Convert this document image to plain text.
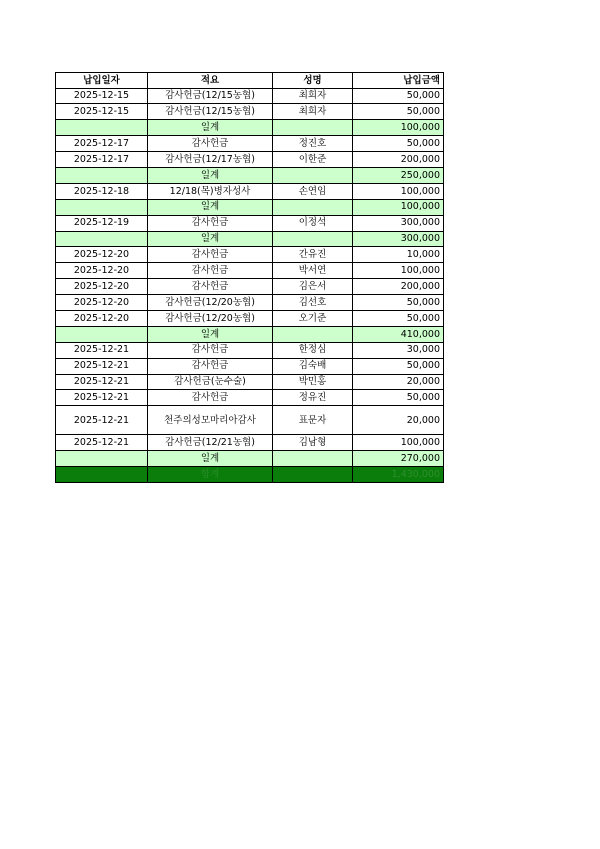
납입일자	적요	성명	납입금액
2025-12-15	감사헌금(12/15농협)	최희자	50,000
2025-12-15	감사헌금(12/15농협)	최희자	50,000
	일계		100,000
2025-12-17	감사헌금	정진호	50,000
2025-12-17	감사헌금(12/17농협)	이한준	200,000
	일계		250,000
2025-12-18	12/18(목)병자성사	손연임	100,000
	일계		100,000
2025-12-19	감사헌금	이정석	300,000
	일계		300,000
2025-12-20	감사헌금	간유진	10,000
2025-12-20	감사헌금	박서연	100,000
2025-12-20	감사헌금	김은서	200,000
2025-12-20	감사헌금(12/20농협)	김선호	50,000
2025-12-20	감사헌금(12/20농협)	오기준	50,000
	일계		410,000
2025-12-21	감사헌금	한정심	30,000
2025-12-21	감사헌금	김숙배	50,000
2025-12-21	감사헌금(눈수술)	박민홍	20,000
2025-12-21	감사헌금	정유진	50,000
2025-12-21	천주의성모마리아감사	표문자	20,000
2025-12-21	감사헌금(12/21농협)	김남형	100,000
	일계		270,000
	합계		1,430,000
